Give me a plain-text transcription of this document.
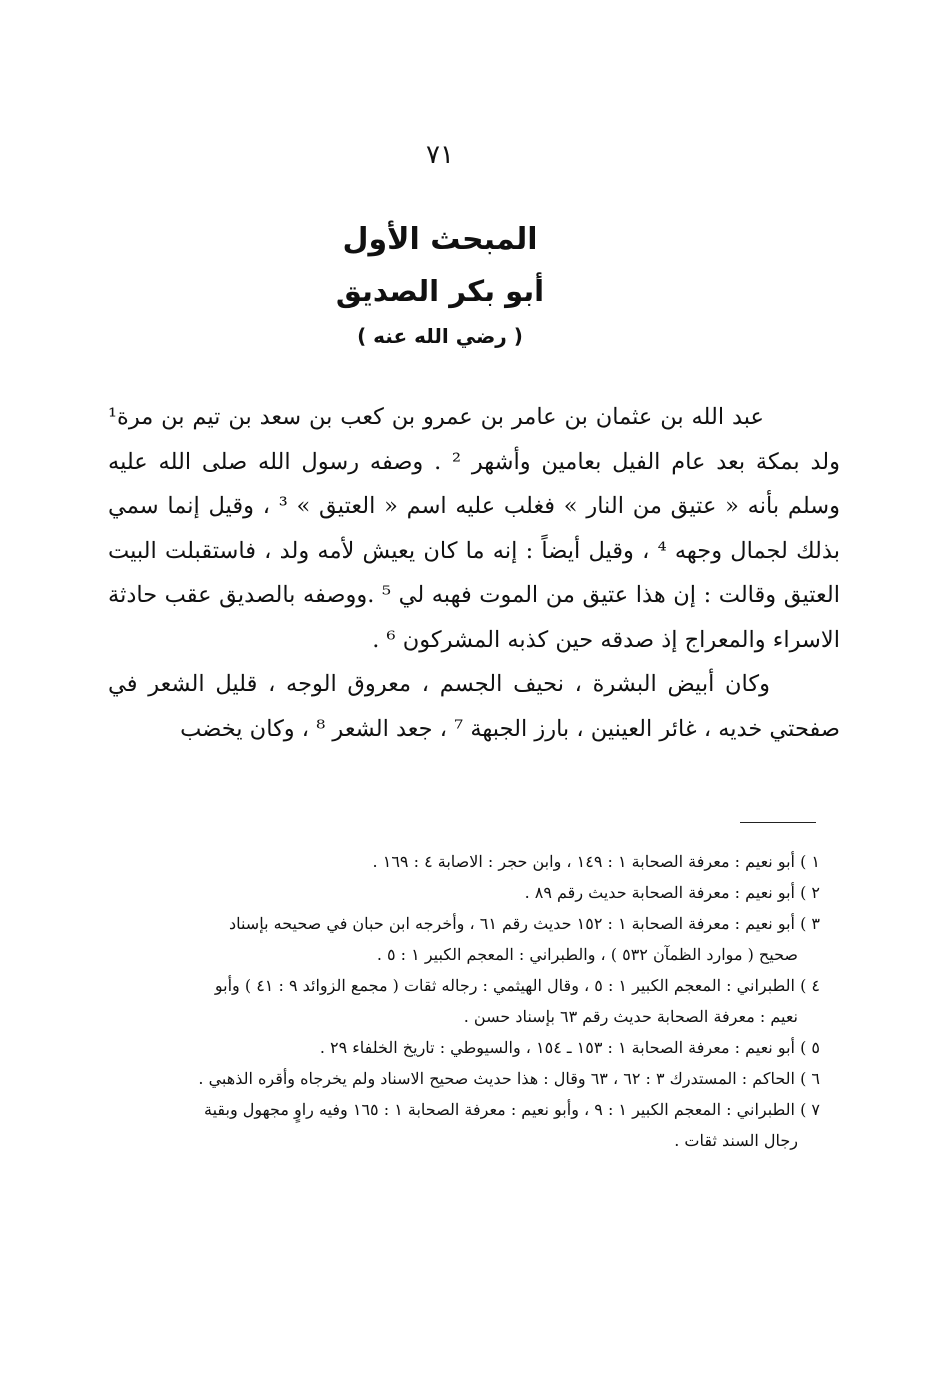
٧١
المبحث الأول
أبو بكر الصديق
( رضي الله عنه )

عبد الله بن عثمان بن عامر بن عمرو بن كعب بن سعد بن تيم بن مرة¹ ولد بمكة بعد عام الفيل بعامين وأشهر ² . وصفه رسول الله صلى الله عليه وسلم بأنه « عتيق من النار » فغلب عليه اسم « العتيق » ³ ، وقيل إنما سمي بذلك لجمال وجهه ⁴ ، وقيل أيضاً : إنه ما كان يعيش لأمه ولد ، فاستقبلت البيت العتيق وقالت : إن هذا عتيق من الموت فهبه لي ⁵ .ووصفه بالصديق عقب حادثة الاسراء والمعراج إذ صدقه حين كذبه المشركون ⁶ .

وكان أبيض البشرة ، نحيف الجسم ، معروق الوجه ، قليل الشعر في صفحتي خديه ، غائر العينين ، بارز الجبهة ⁷ ، جعد الشعر ⁸ ، وكان يخضب

١ ) أبو نعيم : معرفة الصحابة ١ : ١٤٩ ، وابن حجر : الاصابة ٤ : ١٦٩ .

٢ ) أبو نعيم : معرفة الصحابة حديث رقم ٨٩ .

٣ ) أبو نعيم : معرفة الصحابة ١ : ١٥٢ حديث رقم ٦١ ، وأخرجه ابن حبان في صحيحه بإسناد
صحيح ( موارد الظمآن ٥٣٢ ) ، والطبراني : المعجم الكبير ١ : ٥ .

٤ ) الطبراني : المعجم الكبير ١ : ٥ ، وقال الهيثمي : رجاله ثقات ( مجمع الزوائد ٩ : ٤١ ) وأبو
نعيم : معرفة الصحابة حديث رقم ٦٣ بإسناد حسن .

٥ ) أبو نعيم : معرفة الصحابة ١ : ١٥٣ ـ ١٥٤ ، والسيوطي : تاريخ الخلفاء ٢٩ .

٦ ) الحاكم : المستدرك ٣ : ٦٢ ، ٦٣ وقال : هذا حديث صحيح الاسناد ولم يخرجاه وأقره الذهبي .

٧ ) الطبراني : المعجم الكبير ١ : ٩ ، وأبو نعيم : معرفة الصحابة ١ : ١٦٥ وفيه راوٍ مجهول وبقية
رجال السند ثقات .
